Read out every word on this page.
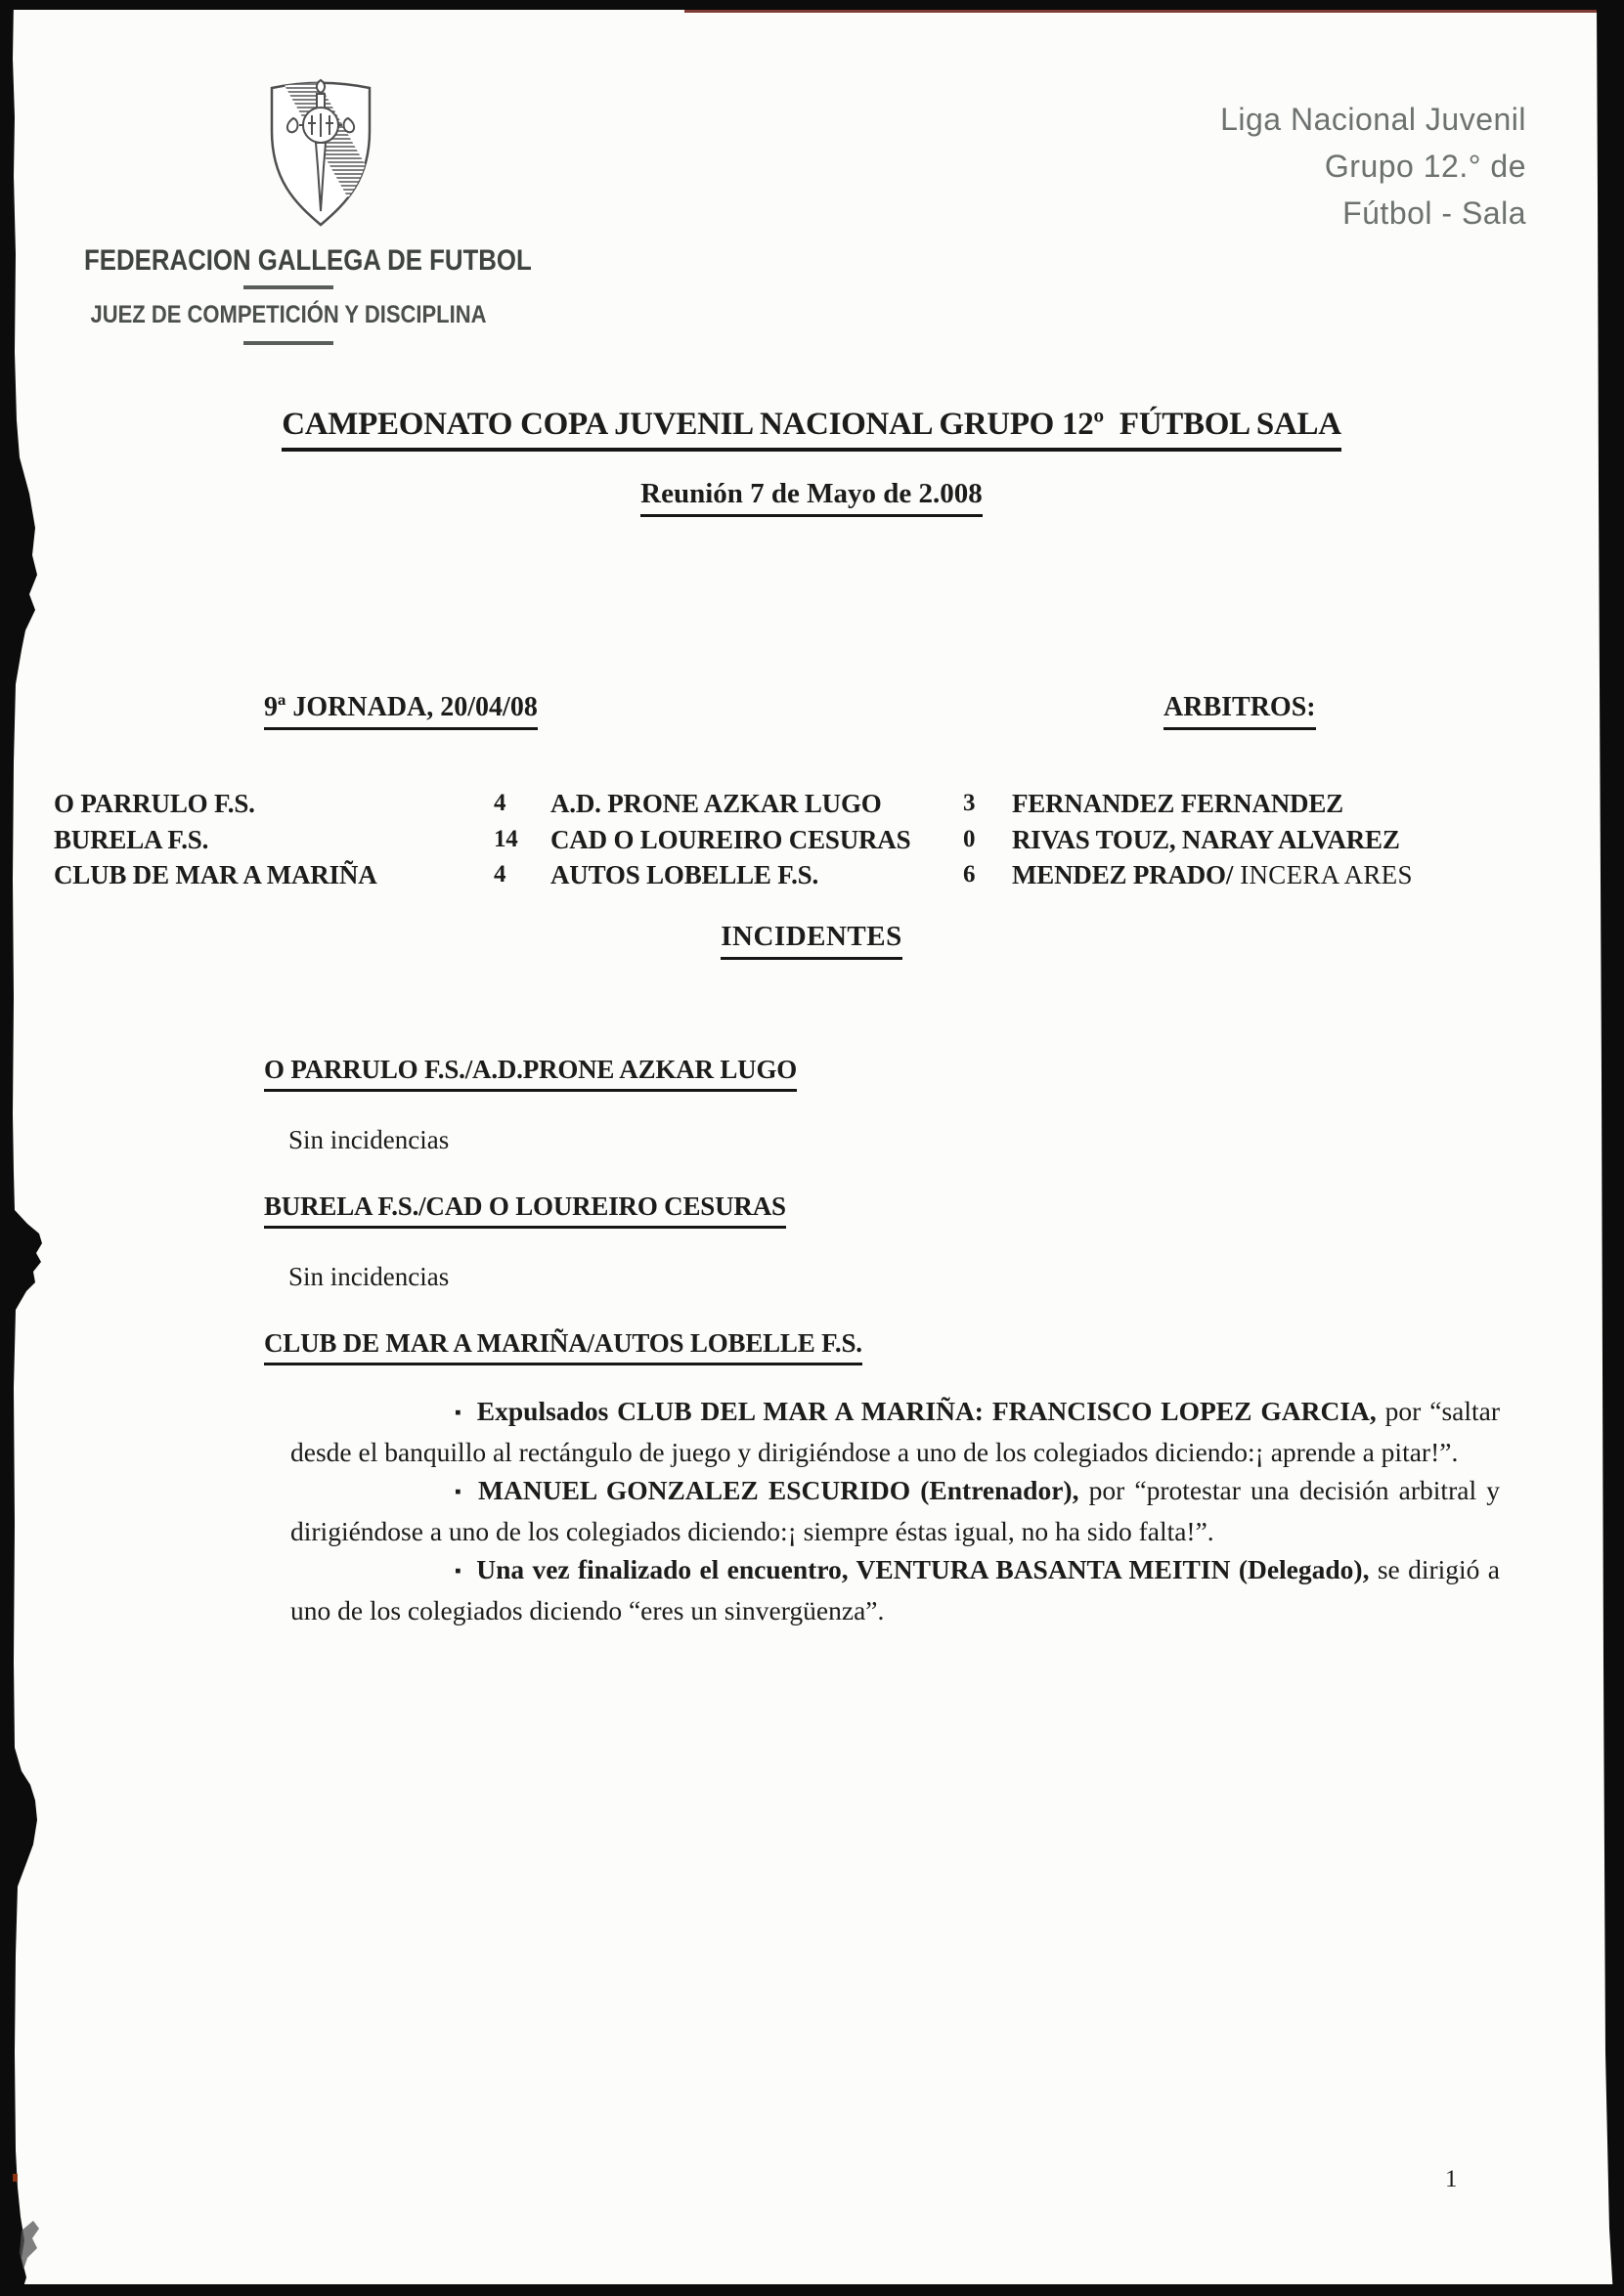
FEDERACION GALLEGA DE FUTBOL
JUEZ DE COMPETICIÓN Y DISCIPLINA
Liga Nacional Juvenil
Grupo 12.° de
Fútbol - Sala
CAMPEONATO COPA JUVENIL NACIONAL GRUPO 12º  FÚTBOL SALA
Reunión 7 de Mayo de 2.008
9ª JORNADA, 20/04/08	ARBITROS:
O PARRULO F.S.	4	A.D. PRONE AZKAR LUGO	3	FERNANDEZ FERNANDEZ
BURELA F.S.	14	CAD O LOUREIRO CESURAS	0	RIVAS TOUZ, NARAY ALVAREZ
CLUB DE MAR A MARIÑA	4	AUTOS LOBELLE F.S.	6	MENDEZ PRADO/ INCERA ARES
INCIDENTES
O PARRULO F.S./A.D.PRONE AZKAR LUGO
Sin incidencias
BURELA F.S./CAD O LOUREIRO CESURAS
Sin incidencias
CLUB DE MAR A MARIÑA/AUTOS LOBELLE F.S.

▪ Expulsados CLUB DEL MAR A MARIÑA: FRANCISCO LOPEZ GARCIA, por “saltar desde el banquillo al rectángulo de juego y dirigiéndose a uno de los colegiados diciendo:¡ aprende a pitar!”.

▪ MANUEL GONZALEZ ESCURIDO (Entrenador), por “protestar una decisión arbitral y dirigiéndose a uno de los colegiados diciendo:¡ siempre éstas igual, no ha sido falta!”.

▪ Una vez finalizado el encuentro, VENTURA BASANTA MEITIN (Delegado), se dirigió a uno de los colegiados diciendo “eres un sinvergüenza”.

1
